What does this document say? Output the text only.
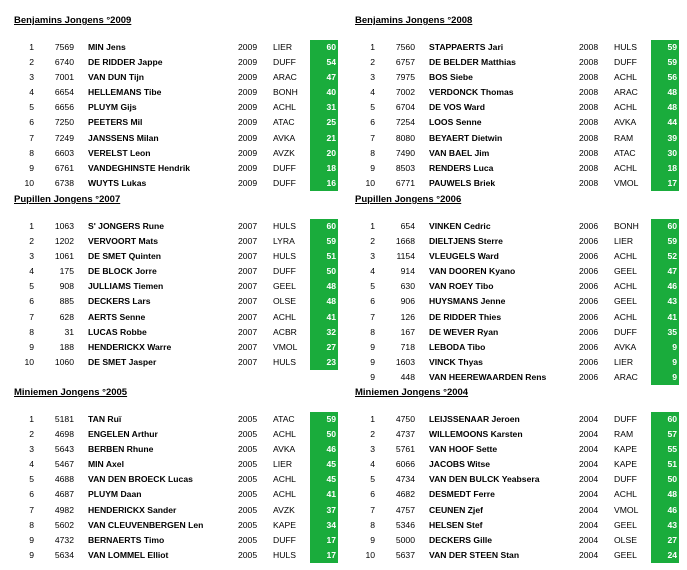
Benjamins Jongens °2009
1	7569 MIN Jens	2009	LIER	60
2	6740 DE RIDDER Jappe	2009	DUFF	54
3	7001 VAN DUN Tijn	2009	ARAC	47
4	6654 HELLEMANS Tibe	2009	BONH	40
5	6656 PLUYM Gijs	2009	ACHL	31
6	7250 PEETERS Mil	2009	ATAC	25
7	7249 JANSSENS Milan	2009	AVKA	21
8	6603 VERELST Leon	2009	AVZK	20
9	6761 VANDEGHINSTE Hendrik	2009	DUFF	18
10	6738 WUYTS Lukas	2009	DUFF	16
Benjamins Jongens °2008
1	7560 STAPPAERTS Jari	2008	HULS	59
2	6757 DE BELDER Matthias	2008	DUFF	59
3	7975 BOS Siebe	2008	ACHL	56
4	7002 VERDONCK Thomas	2008	ARAC	48
5	6704 DE VOS Ward	2008	ACHL	48
6	7254 LOOS Senne	2008	AVKA	44
7	8080 BEYAERT Dietwin	2008	RAM	39
8	7490 VAN BAEL Jim	2008	ATAC	30
9	8503 RENDERS Luca	2008	ACHL	18
10	6771 PAUWELS Briek	2008	VMOL	17
Pupillen Jongens °2007
1	1063 S' JONGERS Rune	2007	HULS	60
2	1202 VERVOORT Mats	2007	LYRA	59
3	1061 DE SMET Quinten	2007	HULS	51
4	175 DE BLOCK Jorre	2007	DUFF	50
5	908 JULLIAMS Tiemen	2007	GEEL	48
6	885 DECKERS Lars	2007	OLSE	48
7	628 AERTS Senne	2007	ACHL	41
8	31 LUCAS Robbe	2007	ACBR	32
9	188 HENDERICKX Warre	2007	VMOL	27
10	1060 DE SMET Jasper	2007	HULS	23
Pupillen Jongens °2006
1	654 VINKEN Cedric	2006	BONH	60
2	1668 DIELTJENS Sterre	2006	LIER	59
3	1154 VLEUGELS Ward	2006	ACHL	52
4	914 VAN DOOREN Kyano	2006	GEEL	47
5	630 VAN ROEY Tibo	2006	ACHL	46
6	906 HUYSMANS Jenne	2006	GEEL	43
7	126 DE RIDDER Thies	2006	ACHL	41
8	167 DE WEVER Ryan	2006	DUFF	35
9	718 LEBODA Tibo	2006	AVKA	9
9	1603 VINCK Thyas	2006	LIER	9
9	448 VAN HEEREWAARDEN Rens	2006	ARAC	9
Miniemen Jongens °2005
1	5181 TAN Ruï	2005	ATAC	59
2	4698 ENGELEN Arthur	2005	ACHL	50
3	5643 BERBEN Rhune	2005	AVKA	46
4	5467 MIN Axel	2005	LIER	45
5	4688 VAN DEN BROECK Lucas	2005	ACHL	45
6	4687 PLUYM Daan	2005	ACHL	41
7	4982 HENDERICKX Sander	2005	AVZK	37
8	5602 VAN CLEUVENBERGEN Len	2005	KAPE	34
9	4732 BERNAERTS Timo	2005	DUFF	17
9	5634 VAN LOMMEL Elliot	2005	HULS	17
Miniemen Jongens °2004
1	4750 LEIJSSENAAR Jeroen	2004	DUFF	60
2	4737 WILLEMOONS Karsten	2004	RAM	57
3	5761 VAN HOOF Sette	2004	KAPE	55
4	6066 JACOBS Witse	2004	KAPE	51
5	4734 VAN DEN BULCK Yeabsera	2004	DUFF	50
6	4682 DESMEDT Ferre	2004	ACHL	48
7	4757 CEUNEN Zjef	2004	VMOL	46
8	5346 HELSEN Stef	2004	GEEL	43
9	5000 DECKERS Gille	2004	OLSE	27
10	5637 VAN DER STEEN Stan	2004	GEEL	24
